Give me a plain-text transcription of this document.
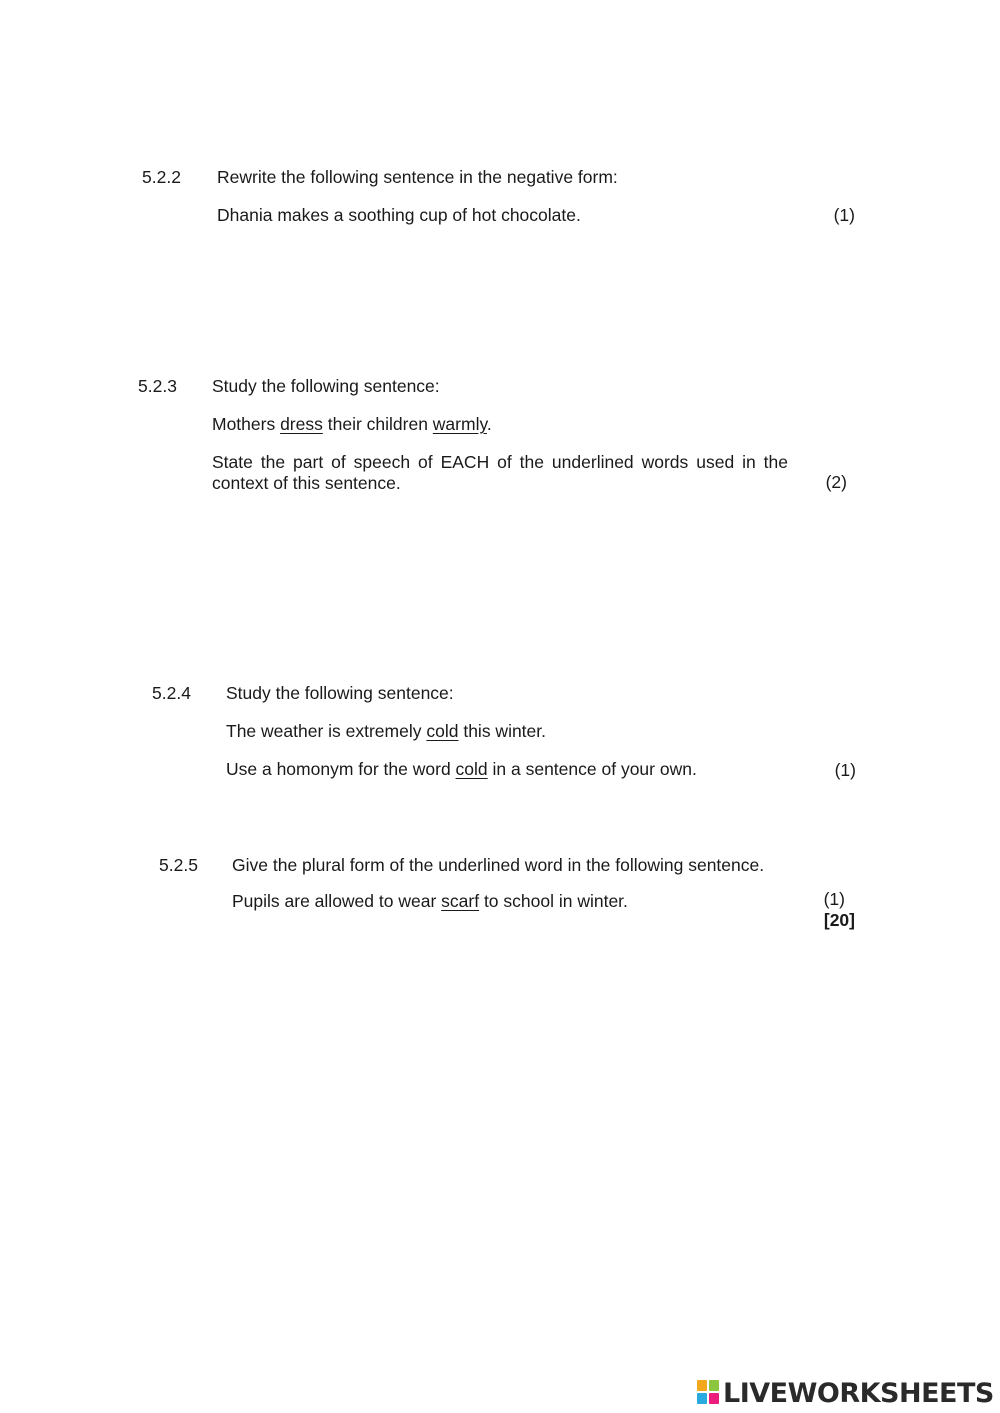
5.2.2 Rewrite the following sentence in the negative form:
Dhania makes a soothing cup of hot chocolate.	(1)
5.2.3 Study the following sentence:
Mothers dress their children warmly.
State the part of speech of EACH of the underlined words used in the context of this sentence.	(2)
5.2.4 Study the following sentence:
The weather is extremely cold this winter.
Use a homonym for the word cold in a sentence of your own.	(1)
5.2.5 Give the plural form of the underlined word in the following sentence.
Pupils are allowed to wear scarf to school in winter.	(1)
[20]
LIVEWORKSHEETS
